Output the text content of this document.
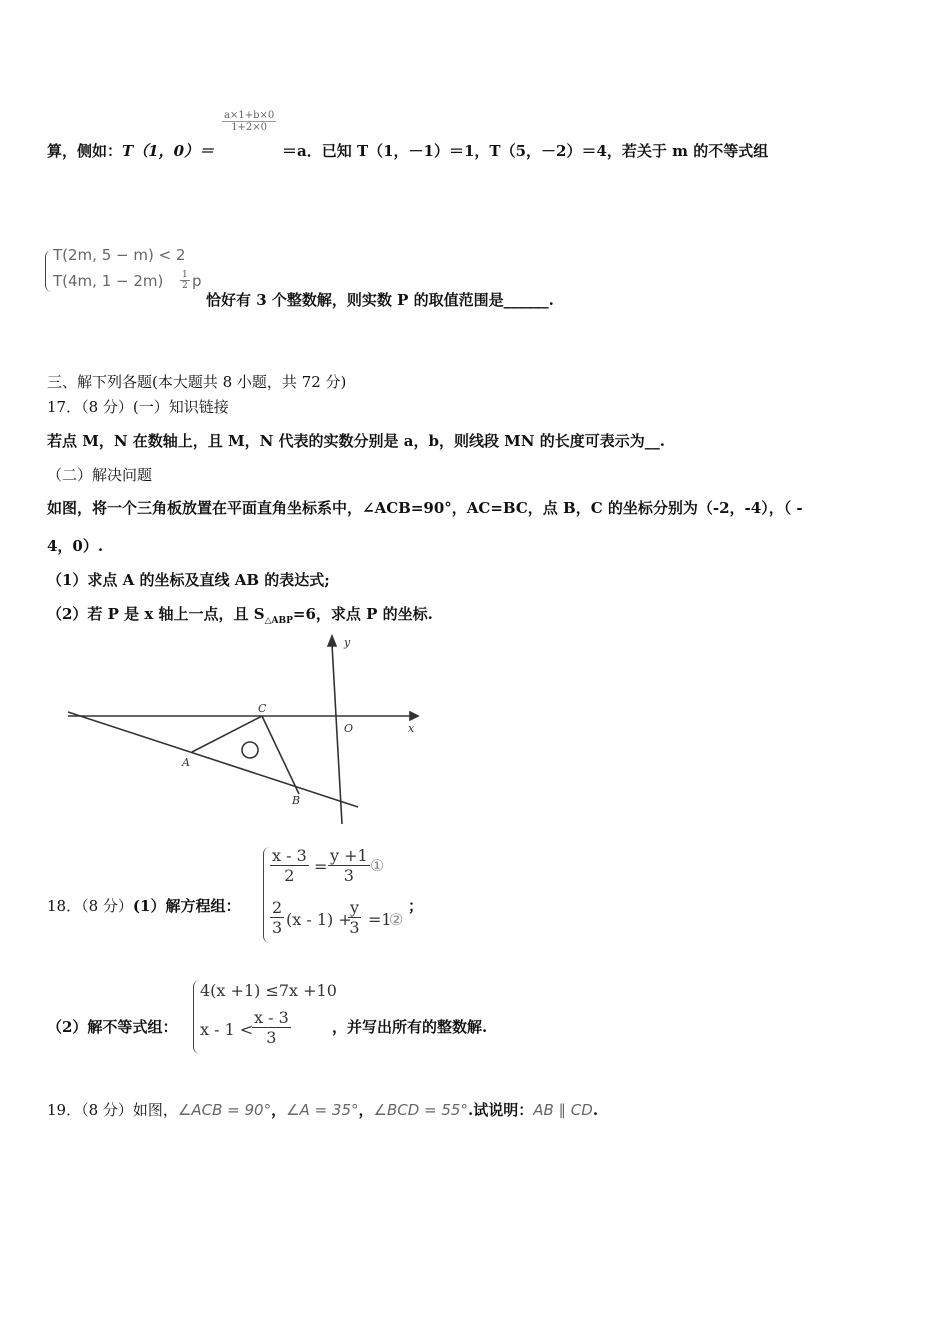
算，侧如：T（1，0）＝
$\frac{a\times 1+b\times 0}{1+2\times 0}$
＝a．已知 T（1，－1）＝1，T（5，－2）＝4，若关于 m 的不等式组
T(2m, 5 − m) < 2
T(4m, $1 - 2m) \frac{1}{2}$ p
恰好有 3 个整数解，则实数 P 的取值范围是______.
三、解下列各题(本大题共 8 小题，共 72 分)
17．（8 分）(一）知识链接
若点 M，N 在数轴上，且 M，N 代表的实数分别是 a，b，则线段 MN 的长度可表示为__.
（二）解决问题
如图，将一个三角板放置在平面直角坐标系中，∠ACB=90°，AC=BC，点 B，C 的坐标分别为（-2，-4），（ -
4，0）.
（1）求点 A 的坐标及直线 AB 的表达式;
（2）若 P 是 x 轴上一点，且 $S_{\triangle ABP}=6$，求点 P 的坐标.
y
x
O
C
A
B
18．（8 分）(1）解方程组：
$\frac{x - 3}{2} = \frac{y +1}{3}$ ①
$\frac{2}{3} (x - 1)$ +
$\frac{y}{3} =1$
②
；
（2）解不等式组：
4(x +1) ≤7x +10
x - 1 <
$\frac{x - 3}{3}$	，并写出所有的整数解.
19．（8 分）如图，∠ACB = 90°，∠A = 35°，∠BCD = 55°.试说明：AB ∥ CD.
